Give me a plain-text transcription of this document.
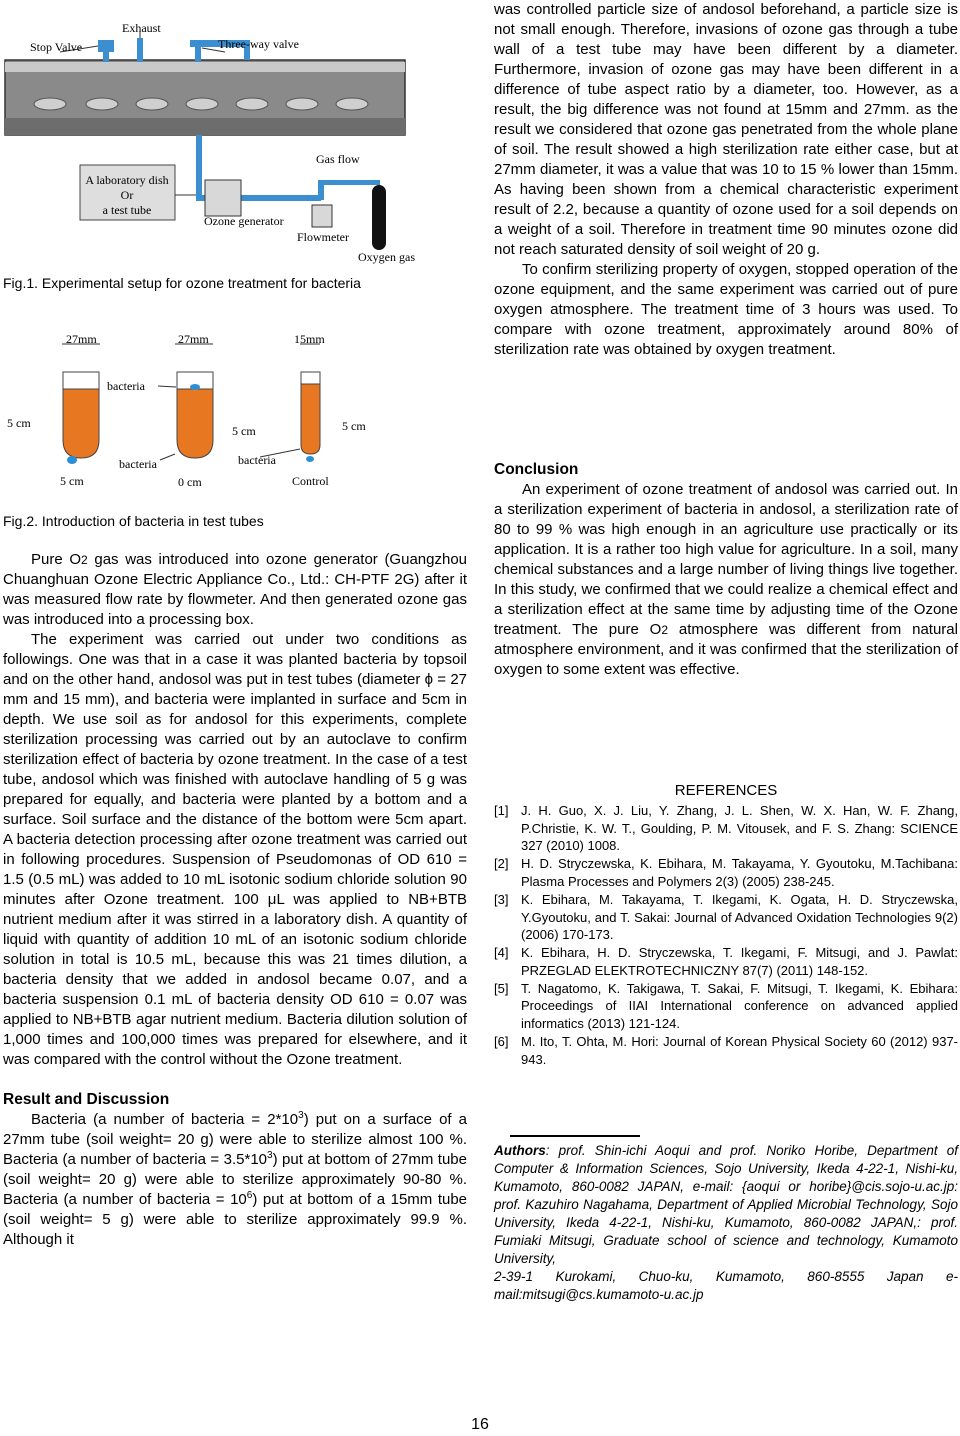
Stop Valve
Exhaust
Three-way valve
Gas flow
A laboratory dish
Or
a test tube
Ozone generator
Flowmeter
Oxygen gas
Fig.1. Experimental setup for ozone treatment for bacteria
27mm	27mm	15mm
bacteria
5 cm
5 cm	5 cm
bacteria	bacteria
5 cm	0 cm	Control
Fig.2. Introduction of bacteria in test tubes

Pure O2 gas was introduced into ozone generator (Guangzhou Chuanghuan Ozone Electric Appliance Co., Ltd.: CH-PTF 2G) after it was measured flow rate by flowmeter. And then generated ozone gas was introduced into a processing box.

The experiment was carried out under two conditions as followings. One was that in a case it was planted bacteria by topsoil and on the other hand, andosol was put in test tubes (diameter ϕ = 27 mm and 15 mm), and bacteria were implanted in surface and 5cm in depth. We use soil as for andosol for this experiments, complete sterilization processing was carried out by an autoclave to confirm sterilization effect of bacteria by ozone treatment. In the case of a test tube, andosol which was finished with autoclave handling of 5 g was prepared for equally, and bacteria were planted by a bottom and a surface. Soil surface and the distance of the bottom were 5cm apart. A bacteria detection processing after ozone treatment was carried out in following procedures. Suspension of Pseudomonas of OD 610 = 1.5 (0.5 mL) was added to 10 mL isotonic sodium chloride solution 90 minutes after Ozone treatment. 100 μL was applied to NB+BTB nutrient medium after it was stirred in a laboratory dish. A quantity of liquid with quantity of addition 10 mL of an isotonic sodium chloride solution in total is 10.5 mL, because this was 21 times dilution, a bacteria density that we added in andosol became 0.07, and a bacteria suspension 0.1 mL of bacteria density OD 610 = 0.07 was applied to NB+BTB agar nutrient medium. Bacteria dilution solution of 1,000 times and 100,000 times was prepared for elsewhere, and it was compared with the control without the Ozone treatment.

Result and Discussion

Bacteria (a number of bacteria = $2*10^3$) put on a surface of a 27mm tube (soil weight= 20 g) were able to sterilize almost 100 %. Bacteria (a number of bacteria = $3.5*10^3$) put at bottom of 27mm tube (soil weight= 20 g) were able to sterilize approximately 90-80 %. Bacteria (a number of bacteria = $10^6$) put at bottom of a 15mm tube (soil weight= 5 g) were able to sterilize approximately 99.9 %. Although it

was controlled particle size of andosol beforehand, a particle size is not small enough. Therefore, invasions of ozone gas through a tube wall of a test tube may have been different by a diameter. Furthermore, invasion of ozone gas may have been different in a difference of tube aspect ratio by a diameter, too. However, as a result, the big difference was not found at 15mm and 27mm. as the result we considered that ozone gas penetrated from the whole plane of soil. The result showed a high sterilization rate either case, but at 27mm diameter, it was a value that was 10 to 15 % lower than 15mm. As having been shown from a chemical characteristic experiment result of 2.2, because a quantity of ozone used for a soil depends on a weight of a soil. Therefore in treatment time 90 minutes ozone did not reach saturated density of soil weight of 20 g.

To confirm sterilizing property of oxygen, stopped operation of the ozone equipment, and the same experiment was carried out of pure oxygen atmosphere. The treatment time of 3 hours was used. To compare with ozone treatment, approximately around 80% of sterilization rate was obtained by oxygen treatment.

Conclusion

An experiment of ozone treatment of andosol was carried out. In a sterilization experiment of bacteria in andosol, a sterilization rate of 80 to 99 % was high enough in an agriculture use practically or its application. It is a rather too high value for agriculture. In a soil, many chemical substances and a large number of living things live together. In this study, we confirmed that we could realize a chemical effect and a sterilization effect at the same time by adjusting time of the Ozone treatment. The pure O2 atmosphere was different from natural atmosphere environment, and it was confirmed that the sterilization of oxygen to some extent was effective.

REFERENCES
[1] J. H. Guo, X. J. Liu, Y. Zhang, J. L. Shen, W. X. Han, W. F. Zhang, P.Christie, K. W. T., Goulding, P. M. Vitousek, and F. S. Zhang: SCIENCE 327 (2010) 1008.
[2] H. D. Stryczewska, K. Ebihara, M. Takayama, Y. Gyoutoku, M.Tachibana: Plasma Processes and Polymers 2(3) (2005) 238-245.
[3] K. Ebihara, M. Takayama, T. Ikegami, K. Ogata, H. D. Stryczewska, Y.Gyoutoku, and T. Sakai: Journal of Advanced Oxidation Technologies 9(2) (2006) 170-173.
[4] K. Ebihara, H. D. Stryczewska, T. Ikegami, F. Mitsugi, and J. Pawlat: PRZEGLAD ELEKTROTECHNICZNY 87(7) (2011) 148-152.
[5] T. Nagatomo, K. Takigawa, T. Sakai, F. Mitsugi, T. Ikegami, K. Ebihara: Proceedings of IIAI International conference on advanced applied informatics (2013) 121-124.
[6] M. Ito, T. Ohta, M. Hori: Journal of Korean Physical Society 60 (2012) 937-943.

Authors: prof. Shin-ichi Aoqui and prof. Noriko Horibe, Department of Computer & Information Sciences, Sojo University, Ikeda 4-22-1, Nishi-ku, Kumamoto, 860-0082 JAPAN, e-mail: {aoqui or horibe}@cis.sojo-u.ac.jp: prof. Kazuhiro Nagahama, Department of Applied Microbial Technology, Sojo University, Ikeda 4-22-1, Nishi-ku, Kumamoto, 860-0082 JAPAN,: prof. Fumiaki Mitsugi, Graduate school of science and technology, Kumamoto University,

2-39-1 Kurokami, Chuo-ku, Kumamoto, 860-8555 Japan e-mail:mitsugi@cs.kumamoto-u.ac.jp

16
